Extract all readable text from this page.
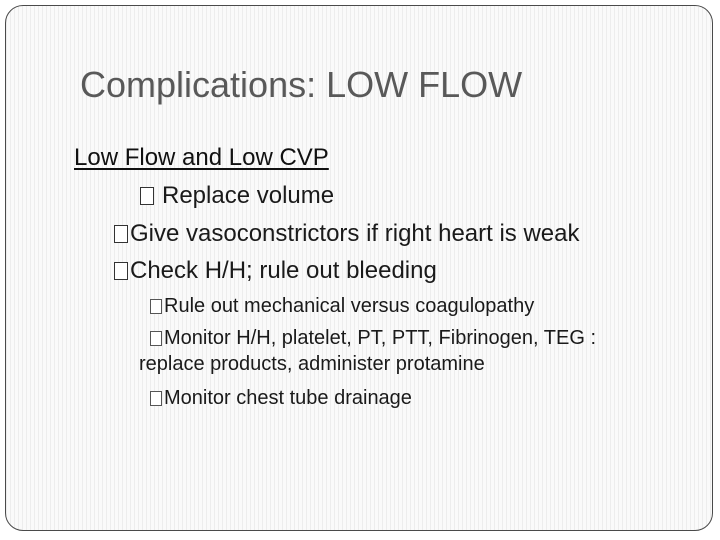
Complications: LOW FLOW
Low Flow and Low CVP
Replace volume
Give vasoconstrictors if right heart is weak
Check H/H; rule out bleeding
Rule out mechanical versus coagulopathy
Monitor H/H, platelet, PT, PTT, Fibrinogen, TEG :
replace products, administer protamine
Monitor chest tube drainage
